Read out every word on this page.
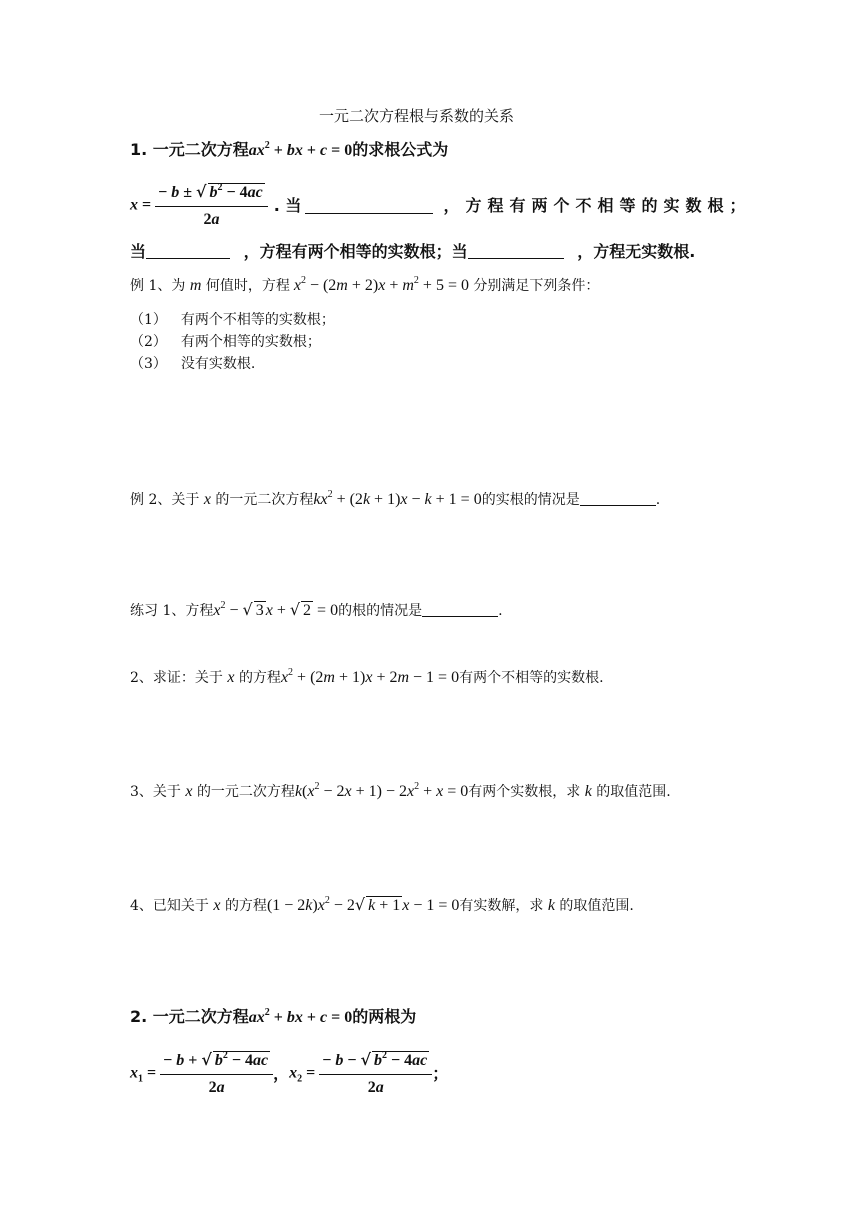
一元二次方程根与系数的关系
1. 一元二次方程$ax^2$ + bx + c = 0的求根公式为
$x = \frac{- b \pm √ b^2 - 4ac}{2a}$ . 当	，方程有两个不相等的实数根；
当	，方程有两个相等的实数根；当	，方程无实数根.
例 1、为 m 何值时，方程 $x^2 - (2m + 2)x + m^2 + 5 = 0$ 分别满足下列条件：
（1） 有两个不相等的实数根；
（2） 有两个相等的实数根；
（3） 没有实数根.
例 2、关于 x 的一元二次方程$kx^2 + (2k + 1)x - k + 1 = 0$的实根的情况是	.
练习 1、方程$x^2$ − √ 3 x + √ 2 = 0的根的情况是	.
2、求证：关于 x 的方程$x^2 + (2m + 1)x + 2m - 1 = 0$有两个不相等的实数根.
3、关于 x 的一元二次方程$k(x^2 - 2x + 1) - 2x^2 + x = 0$有两个实数根，求 k 的取值范围.
4、已知关于 x 的方程$(1 - 2k)x^2 - 2√$ k + 1 x − 1 = 0有实数解，求 k 的取值范围.
2. 一元二次方程$ax^2$ + bx + c = 0的两根为
$x_1 = \frac{- b + √ b^2 - 4ac}{2a}$ ， $x_2 = \frac{- b - √ b^2 - 4ac}{2a}$ ；
